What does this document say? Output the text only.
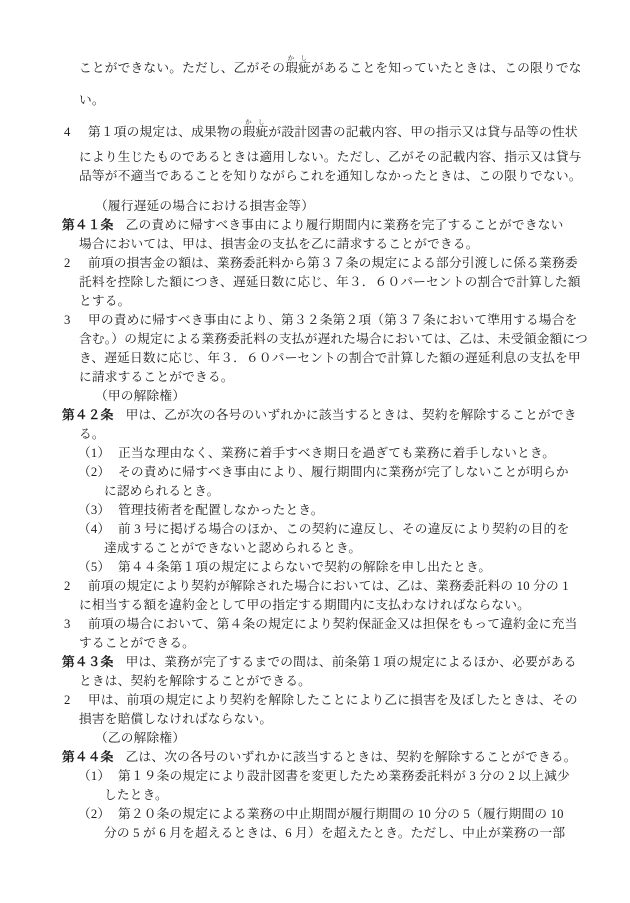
ことができない。ただし、乙がその瑕疵かしがあることを知っていたときは、この限りでな
い。
4 第１項の規定は、成果物の瑕疵かしが設計図書の記載内容、甲の指示又は貸与品等の性状
により生じたものであるときは適用しない。ただし、乙がその記載内容、指示又は貸与
品等が不適当であることを知りながらこれを通知しなかったときは、この限りでない。
（履行遅延の場合における損害金等）
第４１条 乙の責めに帰すべき事由により履行期間内に業務を完了することができない
場合においては、甲は、損害金の支払を乙に請求することができる。
2 前項の損害金の額は、業務委託料から第３７条の規定による部分引渡しに係る業務委
託料を控除した額につき、遅延日数に応じ、年３．６０パーセントの割合で計算した額
とする。
3 甲の責めに帰すべき事由により、第３２条第２項（第３７条において準用する場合を
含む。）の規定による業務委託料の支払が遅れた場合においては、乙は、未受領金額につ
き、遅延日数に応じ、年３．６０パーセントの割合で計算した額の遅延利息の支払を甲
に請求することができる。
（甲の解除権）
第４２条 甲は、乙が次の各号のいずれかに該当するときは、契約を解除することができ
る。
（1） 正当な理由なく、業務に着手すべき期日を過ぎても業務に着手しないとき。
（2） その責めに帰すべき事由により、履行期間内に業務が完了しないことが明らか
に認められるとき。
（3） 管理技術者を配置しなかったとき。
（4） 前 3 号に掲げる場合のほか、この契約に違反し、その違反により契約の目的を
達成することができないと認められるとき。
（5） 第４４条第１項の規定によらないで契約の解除を申し出たとき。
2 前項の規定により契約が解除された場合においては、乙は、業務委託料の 10 分の 1
に相当する額を違約金として甲の指定する期間内に支払わなければならない。
3 前項の場合において、第４条の規定により契約保証金又は担保をもって違約金に充当
することができる。
第４３条 甲は、業務が完了するまでの間は、前条第１項の規定によるほか、必要がある
ときは、契約を解除することができる。
2 甲は、前項の規定により契約を解除したことにより乙に損害を及ぼしたときは、その
損害を賠償しなければならない。
（乙の解除権）
第４４条 乙は、次の各号のいずれかに該当するときは、契約を解除することができる。
（1） 第１９条の規定により設計図書を変更したため業務委託料が 3 分の 2 以上減少
したとき。
（2） 第２０条の規定による業務の中止期間が履行期間の 10 分の 5（履行期間の 10
分の 5 が 6 月を超えるときは、6 月）を超えたとき。ただし、中止が業務の一部
